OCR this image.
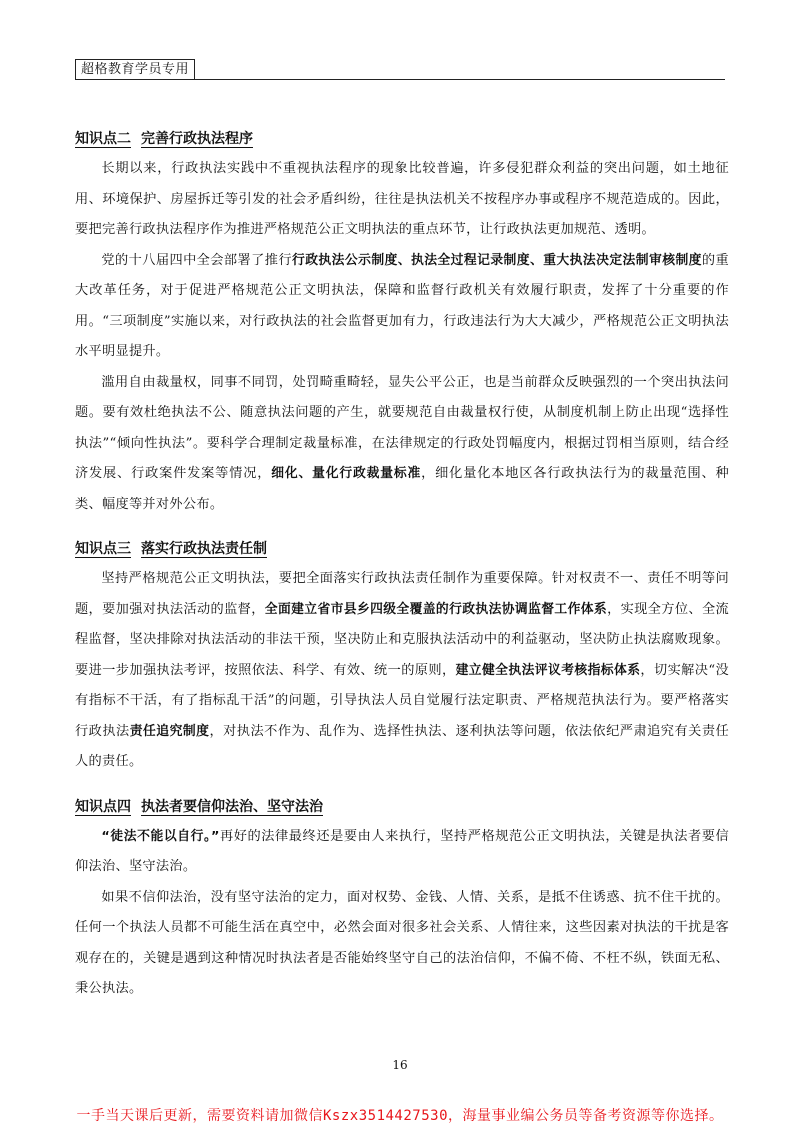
超格教育学员专用
知识点二 完善行政执法程序

长期以来，行政执法实践中不重视执法程序的现象比较普遍，许多侵犯群众利益的突出问题，如土地征用、环境保护、房屋拆迁等引发的社会矛盾纠纷，往往是执法机关不按程序办事或程序不规范造成的。因此，要把完善行政执法程序作为推进严格规范公正文明执法的重点环节，让行政执法更加规范、透明。

党的十八届四中全会部署了推行行政执法公示制度、执法全过程记录制度、重大执法决定法制审核制度的重大改革任务，对于促进严格规范公正文明执法，保障和监督行政机关有效履行职责，发挥了十分重要的作用。“三项制度”实施以来，对行政执法的社会监督更加有力，行政违法行为大大减少，严格规范公正文明执法水平明显提升。

滥用自由裁量权，同事不同罚，处罚畸重畸轻，显失公平公正，也是当前群众反映强烈的一个突出执法问题。要有效杜绝执法不公、随意执法问题的产生，就要规范自由裁量权行使，从制度机制上防止出现“选择性执法”“倾向性执法”。要科学合理制定裁量标准，在法律规定的行政处罚幅度内，根据过罚相当原则，结合经济发展、行政案件发案等情况，细化、量化行政裁量标准，细化量化本地区各行政执法行为的裁量范围、种类、幅度等并对外公布。

知识点三 落实行政执法责任制

坚持严格规范公正文明执法，要把全面落实行政执法责任制作为重要保障。针对权责不一、责任不明等问题，要加强对执法活动的监督，全面建立省市县乡四级全覆盖的行政执法协调监督工作体系，实现全方位、全流程监督，坚决排除对执法活动的非法干预，坚决防止和克服执法活动中的利益驱动，坚决防止执法腐败现象。要进一步加强执法考评，按照依法、科学、有效、统一的原则，建立健全执法评议考核指标体系，切实解决“没有指标不干活，有了指标乱干活”的问题，引导执法人员自觉履行法定职责、严格规范执法行为。要严格落实行政执法责任追究制度，对执法不作为、乱作为、选择性执法、逐利执法等问题，依法依纪严肃追究有关责任人的责任。

知识点四 执法者要信仰法治、坚守法治

“徒法不能以自行。”再好的法律最终还是要由人来执行，坚持严格规范公正文明执法，关键是执法者要信仰法治、坚守法治。

如果不信仰法治，没有坚守法治的定力，面对权势、金钱、人情、关系，是抵不住诱惑、抗不住干扰的。任何一个执法人员都不可能生活在真空中，必然会面对很多社会关系、人情往来，这些因素对执法的干扰是客观存在的，关键是遇到这种情况时执法者是否能始终坚守自己的法治信仰，不偏不倚、不枉不纵，铁面无私、秉公执法。

16
一手当天课后更新，需要资料请加微信Kszx3514427530，海量事业编公务员等备考资源等你选择。
